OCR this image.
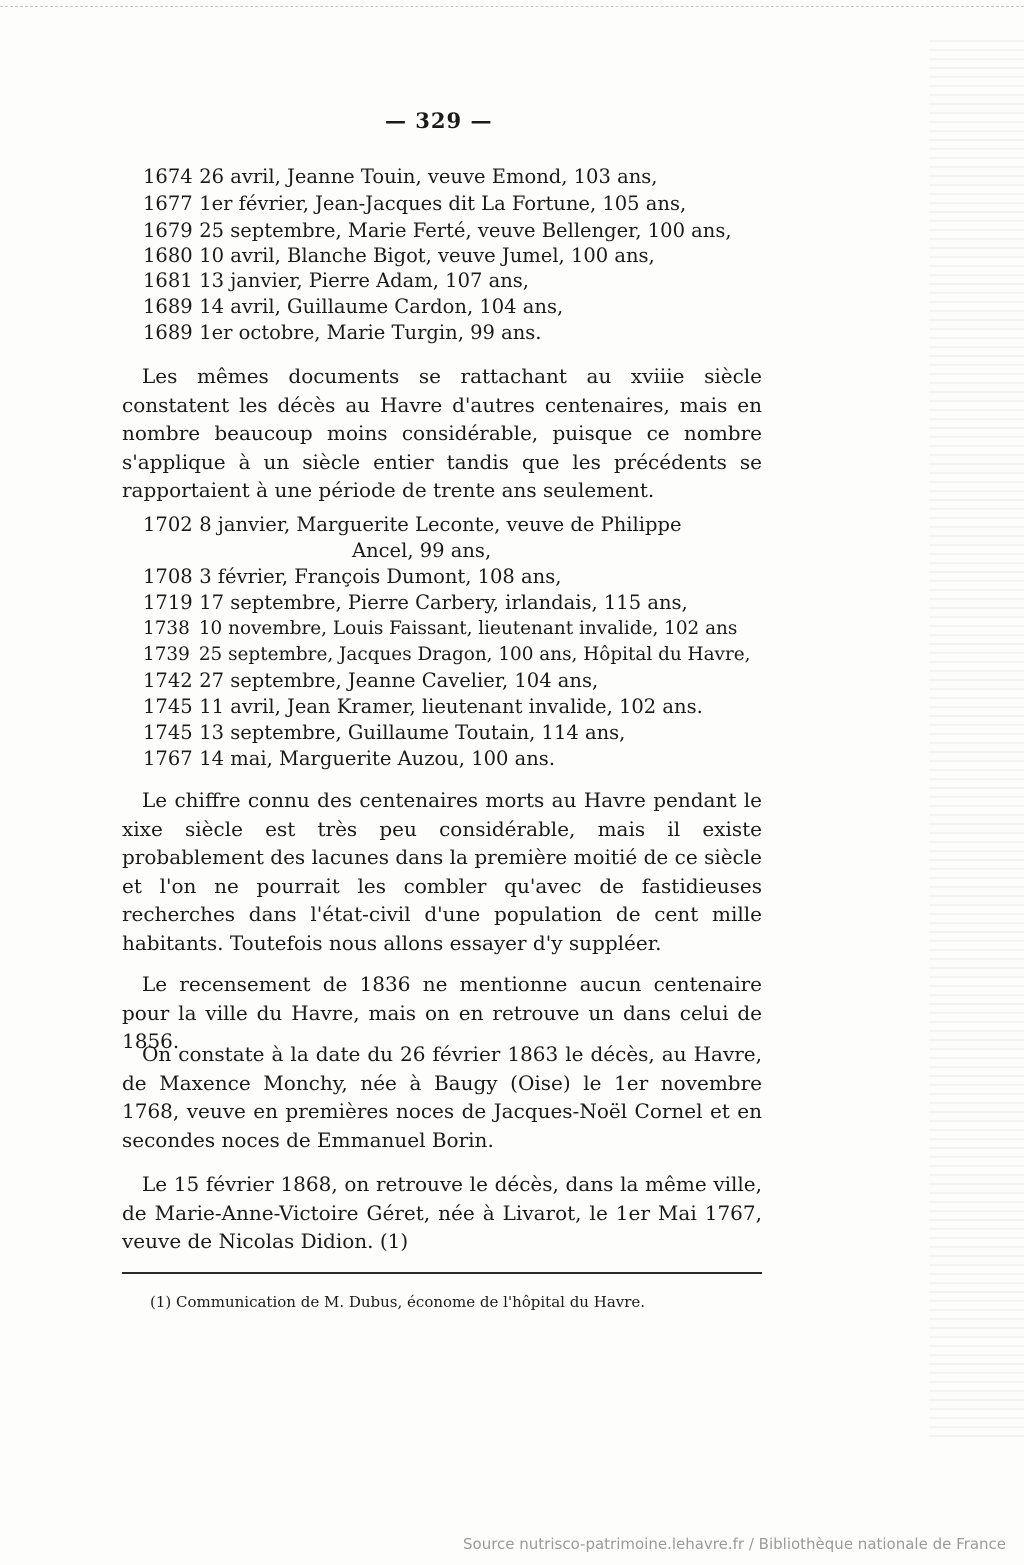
— 329 —
1674 26 avril, Jeanne Touin, veuve Emond, 103 ans,
1677 1er février, Jean-Jacques dit La Fortune, 105 ans,
1679 25 septembre, Marie Ferté, veuve Bellenger, 100 ans,
1680 10 avril, Blanche Bigot, veuve Jumel, 100 ans,
1681 13 janvier, Pierre Adam, 107 ans,
1689 14 avril, Guillaume Cardon, 104 ans,
1689 1er octobre, Marie Turgin, 99 ans.
Les mêmes documents se rattachant au xviiie siècle constatent les décès au Havre d'autres centenaires, mais en nombre beaucoup moins considérable, puisque ce nombre s'applique à un siècle entier tandis que les précédents se rapportaient à une période de trente ans seulement.
1702 8 janvier, Marguerite Leconte, veuve de Philippe
Ancel, 99 ans,
1708 3 février, François Dumont, 108 ans,
1719 17 septembre, Pierre Carbery, irlandais, 115 ans,
1738 10 novembre, Louis Faissant, lieutenant invalide, 102 ans
1739 25 septembre, Jacques Dragon, 100 ans, Hôpital du Havre,
1742 27 septembre, Jeanne Cavelier, 104 ans,
1745 11 avril, Jean Kramer, lieutenant invalide, 102 ans.
1745 13 septembre, Guillaume Toutain, 114 ans,
1767 14 mai, Marguerite Auzou, 100 ans.
Le chiffre connu des centenaires morts au Havre pendant le xixe siècle est très peu considérable, mais il existe probablement des lacunes dans la première moitié de ce siècle et l'on ne pourrait les combler qu'avec de fastidieuses recherches dans l'état-civil d'une population de cent mille habitants. Toutefois nous allons essayer d'y suppléer.
Le recensement de 1836 ne mentionne aucun centenaire pour la ville du Havre, mais on en retrouve un dans celui de 1856.
On constate à la date du 26 février 1863 le décès, au Havre, de Maxence Monchy, née à Baugy (Oise) le 1er novembre 1768, veuve en premières noces de Jacques-Noël Cornel et en secondes noces de Emmanuel Borin.
Le 15 février 1868, on retrouve le décès, dans la même ville, de Marie-Anne-Victoire Géret, née à Livarot, le 1er Mai 1767, veuve de Nicolas Didion. (1)
(1) Communication de M. Dubus, économe de l'hôpital du Havre.
Source nutrisco-patrimoine.lehavre.fr / Bibliothèque nationale de France
